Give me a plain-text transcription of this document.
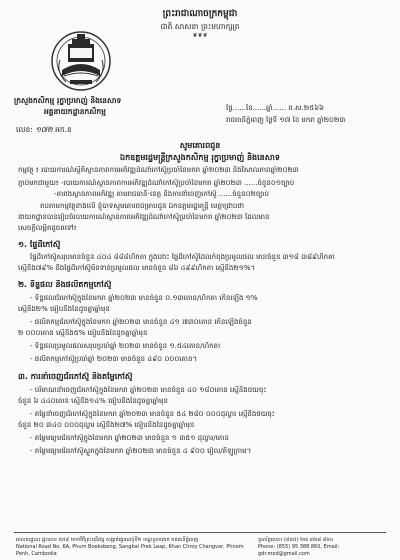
ព្រះរាជាណាចក្រកម្ពុជា
ជាតិ សាសនា ព្រះមហាក្សត្រ
❦❦❦
ក្រសួងកសិកម្ម រុក្ខាប្រមាញ់ និងនេសាទ
អគ្គនាយកដ្ឋានកសិកម្ម	ថ្ងៃ......ខែ......ឆ្នាំ...... ព.ស.២៥៦៦
រាជធានីភ្នំពេញ ថ្ងៃទី ១៧ ខែ មករា ឆ្នាំ២០២៣
លេខ: ១៧២ អក.ខ
សូមគោរពជូន
ឯកឧត្តមរដ្ឋមន្ត្រីក្រសួងកសិកម្ម រុក្ខាប្រមាញ់ និងនេសាទ
កម្មវត្ថុ ៖ របាយការណ៍ស្ថិតិស្ថានភាពការអភិវឌ្ឍដំណាំកៅស៊ូប្រចាំខែមករា ឆ្នាំ២០២៣ និងវិសាលភាពឆ្នាំ២០២៣
ភ្ជាប់មកជាមួយ៖ -របាយការណ៍ស្ថានភាពការអភិវឌ្ឍដំណាំកៅស៊ូប្រចាំខែមករា ឆ្នាំ២០២៣ ......ចំនួន០១ច្បាប់
-តារាងស្ថានភាពអភិវឌ្ឍ តាមរាជធានី-ខេត្ត និងការនាំចេញកៅស៊ូ ......ចំនួន០២ច្បាប់
តបតាមកម្មវត្ថុខាងលើ ខ្ញុំបាទសូមគោរពជម្រាបជូន ឯកឧត្តមរដ្ឋមន្ត្រី មេត្តាជ្រាបថា
នាយកដ្ឋានបានរៀបចំរបាយការណ៍ស្ថានភាពអភិវឌ្ឍដំណាំកៅស៊ូប្រចាំខែមករា ឆ្នាំ២០២៣ ដែលមាន
សេចក្តីលម្អិតដូចតទៅ៖
១. ផ្ទៃដីកៅស៊ូ
ផ្ទៃដីកៅស៊ូសរុបមានចំនួន ៤០៤ ៨៨៨ហិកតា ក្នុងនោះ ផ្ទៃដីកៅស៊ូដែលកំពុងប្រមូលផល មានចំនួន ៣១៨ ៣៨៩ហិកតា
ស្មើនឹង៧៩% និងផ្ទៃដីកៅស៊ូមិនទាន់ប្រមូលផល មានចំនួន ៨៦ ៤៩៩ហិកតា ស្មើនឹង២១%។
២. ទិន្នផល និងផលិតកម្មកៅស៊ូ
- ទិន្នផលជ័រកៅស៊ូក្នុងខែមករា ឆ្នាំ២០២៣ មានចំនួន ០.១៣តោន/ហិកតា កើនឡើង ១%
ស្មើនឹង២% ធៀបនឹងខែដូចគ្នាឆ្នាំមុន
- ផលិតកម្មជ័រកៅស៊ូក្នុងខែមករា ឆ្នាំ២០២៣ មានចំនួន ៤១ ៧៣០តោន កើនឡើងចំនួន
២ ០០០តោន ស្មើនឹង៥% ធៀបនឹងខែដូចគ្នាឆ្នាំមុន
- ទិន្នផលប្រមូលផលសរុបប្រចាំឆ្នាំ ២០២៣ មានចំនួន ១.៥៤តោន/ហិកតា
- ផលិតកម្មកៅស៊ូប្រចាំឆ្នាំ ២០២៣ មានចំនួន ៤៩០ ០០០តោន។
៣. ការនាំចេញជ័រកៅស៊ូ និងតម្លៃកៅស៊ូ
- បរិមាណនាំចេញជ័រកៅស៊ូក្នុងខែមករា ឆ្នាំ២០២៣ មានចំនួន ៤០ ១៨០តោន ស្មើនឹងថយចុះ
ចំនួន ៦ ៤៤០តោន ស្មើនឹង១៤% ធៀបនឹងខែដូចគ្នាឆ្នាំមុន
- តម្លៃនាំចេញជ័រកៅស៊ូក្នុងខែមករា ឆ្នាំ២០២៣ មានចំនួន ៥៤ ២៨០ ០០០ដុល្លារ ស្មើនឹងថយចុះ
ចំនួន ២០ ៣៤០ ០០០ដុល្លារ ស្មើនឹង២៧% ធៀបនឹងខែដូចគ្នាឆ្នាំមុន
- តម្លៃមធ្យមជ័រកៅស៊ូក្នុងខែមករា ឆ្នាំ២០២៣ មានចំនួន ១ ៣៥១ ដុល្លារ/តោន
- តម្លៃមធ្យមជ័រកៅស៊ូស្ងួតក្នុងខែមករា ឆ្នាំ២០២៣ មានចំនួន ៤ ៩០០ រៀល/គីឡូក្រាម។
អាសយដ្ឋាន៖ ផ្ទះលេខ ៥៥៩ មហាវិថីព្រះមុនីវង្ស សង្កាត់ផ្សារដេប៉ូទី២ ខណ្ឌទួលគោក រាជធានីភ្នំពេញ
National Road No. 6A, Phum Boeksbeng, Sangkat Prek Leap, Khan Chroy Changvar, Phnom Penh, Cambodia
ទូរស័ព្ទលេខ៖ (៨៥៥) ២៣ ៣៦៨ ៨៦០
Phone: (855) 95 388 860, Email: gdr.mod@gmail.com
